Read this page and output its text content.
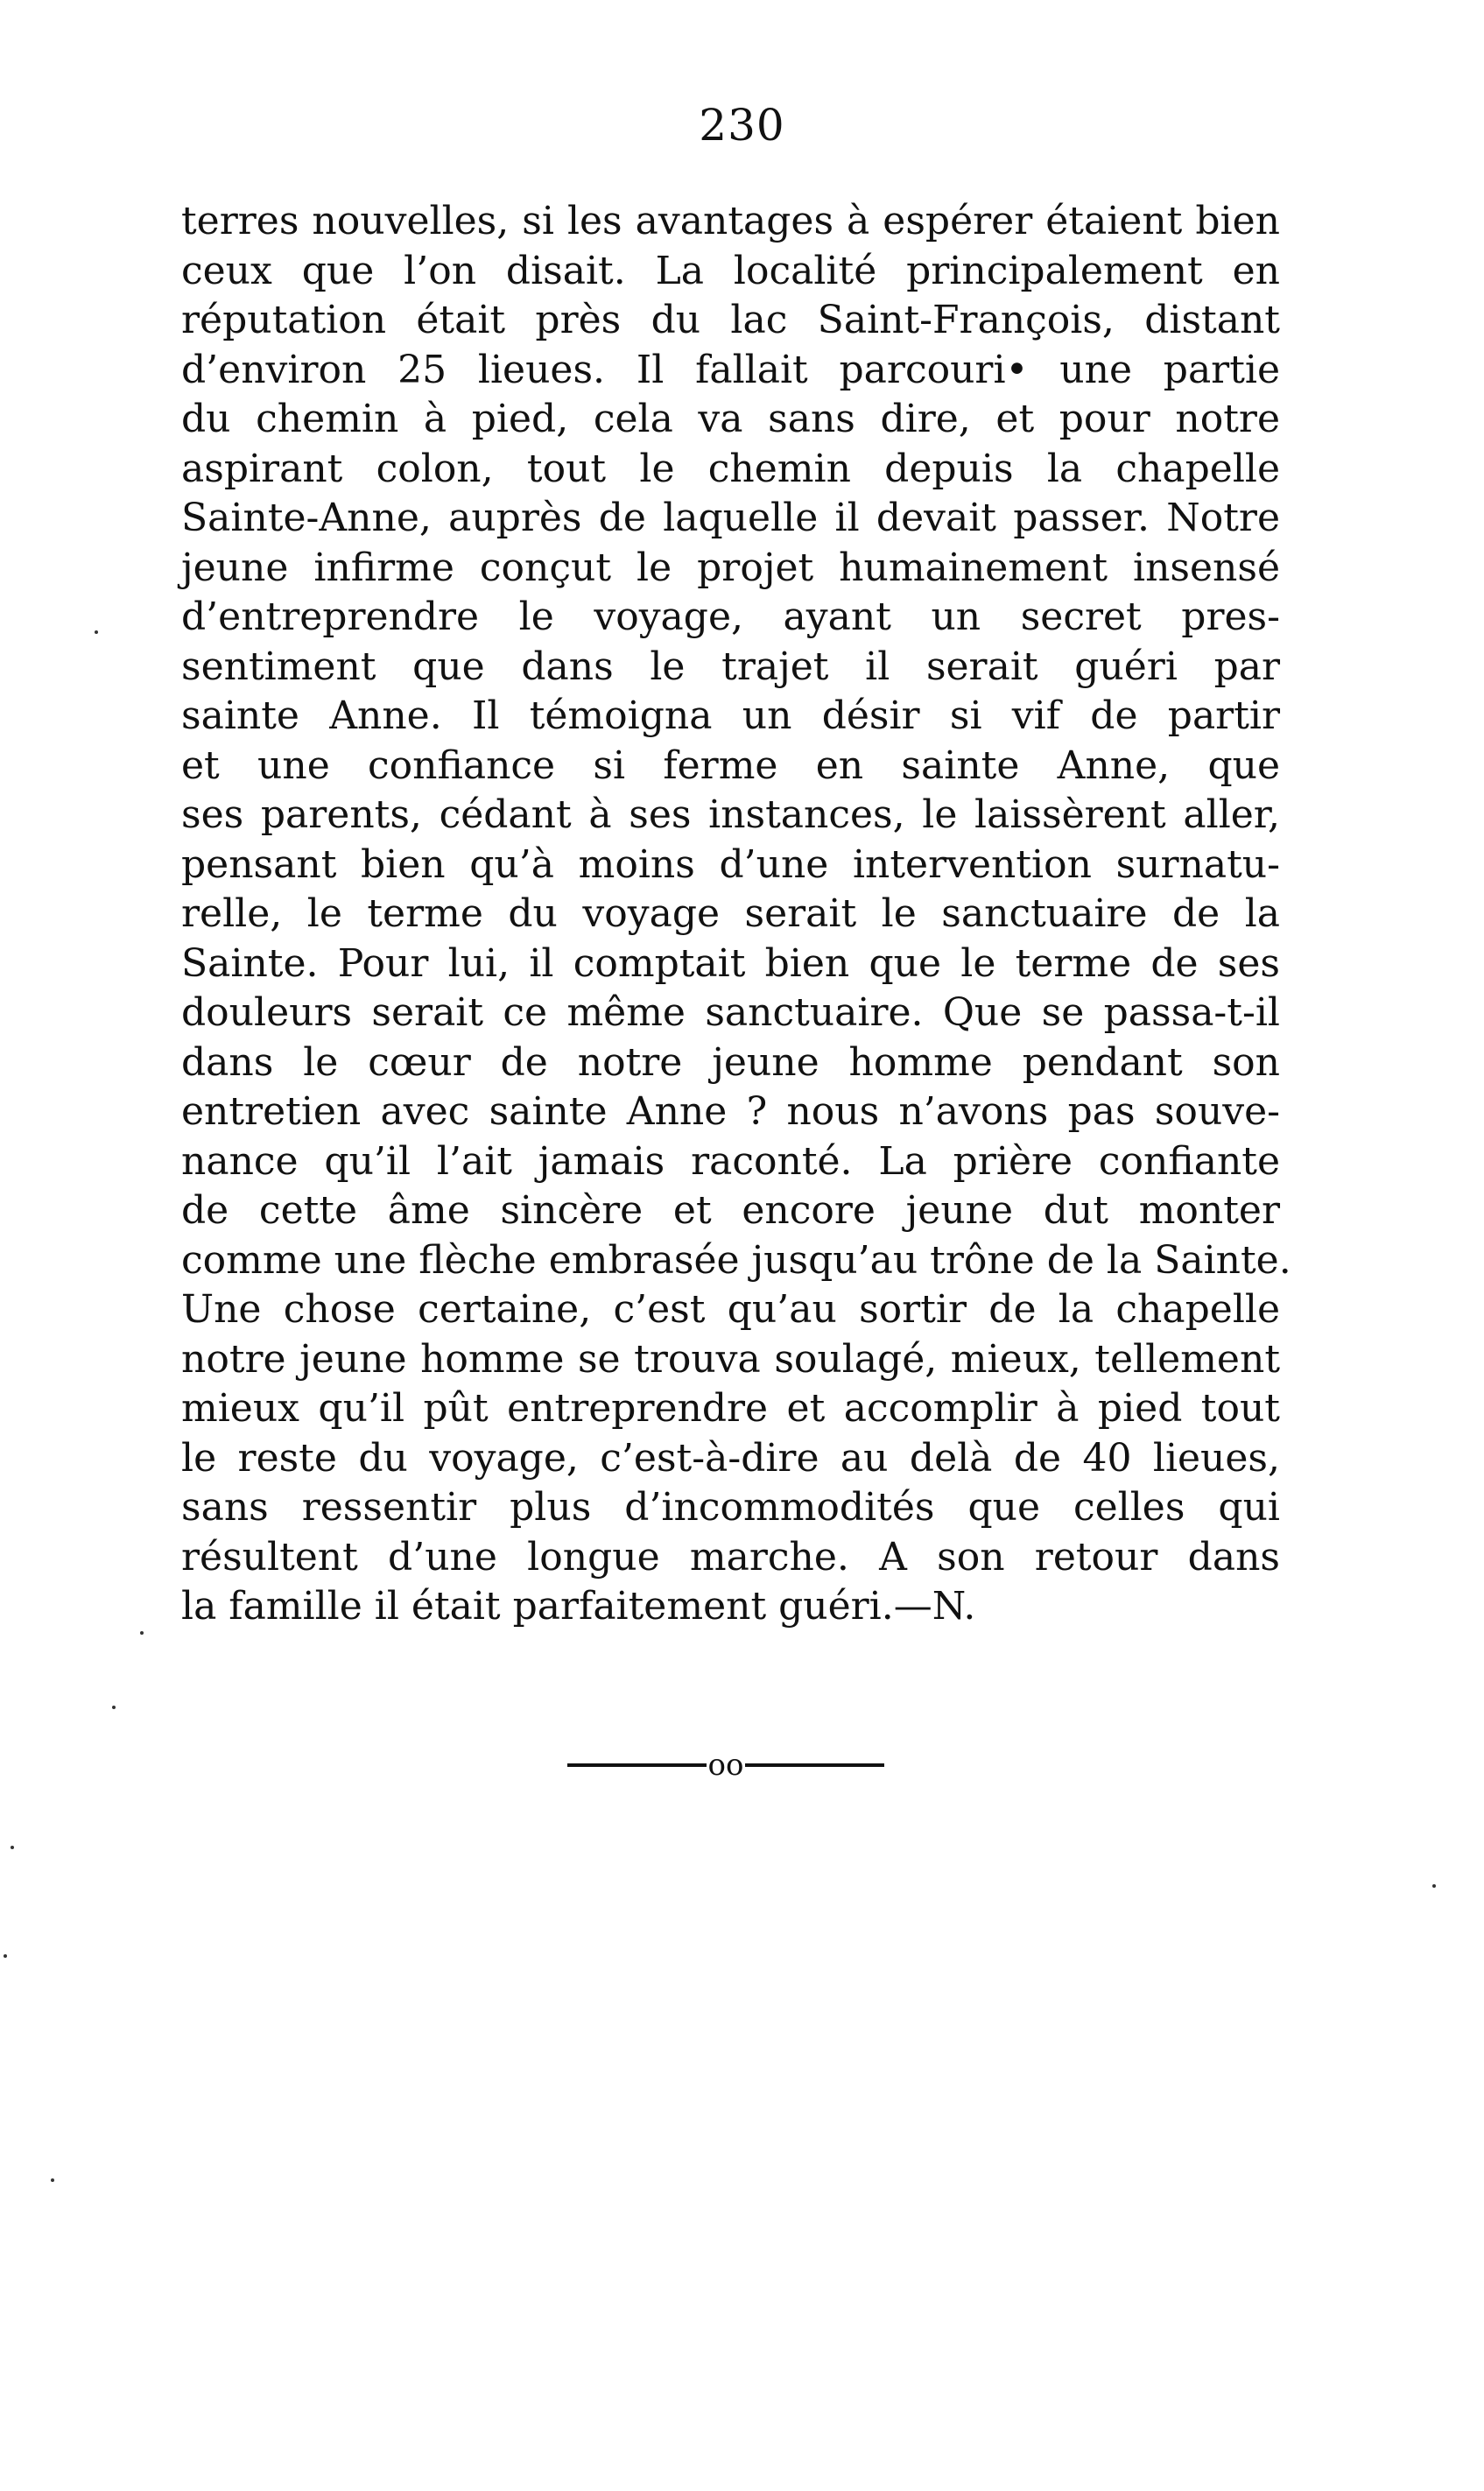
230
terres nouvelles, si les avantages à espérer étaient bien
ceux que l’on disait. La localité principalement en
réputation était près du lac Saint-François, distant
d’environ 25 lieues. Il fallait parcouri• une partie
du chemin à pied, cela va sans dire, et pour notre
aspirant colon, tout le chemin depuis la chapelle
Sainte-Anne, auprès de laquelle il devait passer. Notre
jeune infirme conçut le projet humainement insensé
d’entreprendre le voyage, ayant un secret pres-
sentiment que dans le trajet il serait guéri par
sainte Anne. Il témoigna un désir si vif de partir
et une confiance si ferme en sainte Anne, que
ses parents, cédant à ses instances, le laissèrent aller,
pensant bien qu’à moins d’une intervention surnatu-
relle, le terme du voyage serait le sanctuaire de la
Sainte. Pour lui, il comptait bien que le terme de ses
douleurs serait ce même sanctuaire. Que se passa-t-il
dans le cœur de notre jeune homme pendant son
entretien avec sainte Anne ? nous n’avons pas souve-
nance qu’il l’ait jamais raconté. La prière confiante
de cette âme sincère et encore jeune dut monter
comme une flèche embrasée jusqu’au trône de la Sainte.
Une chose certaine, c’est qu’au sortir de la chapelle
notre jeune homme se trouva soulagé, mieux, tellement
mieux qu’il pût entreprendre et accomplir à pied tout
le reste du voyage, c’est-à-dire au delà de 40 lieues,
sans ressentir plus d’incommodités que celles qui
résultent d’une longue marche. A son retour dans
la famille il était parfaitement guéri.—N.
oo
